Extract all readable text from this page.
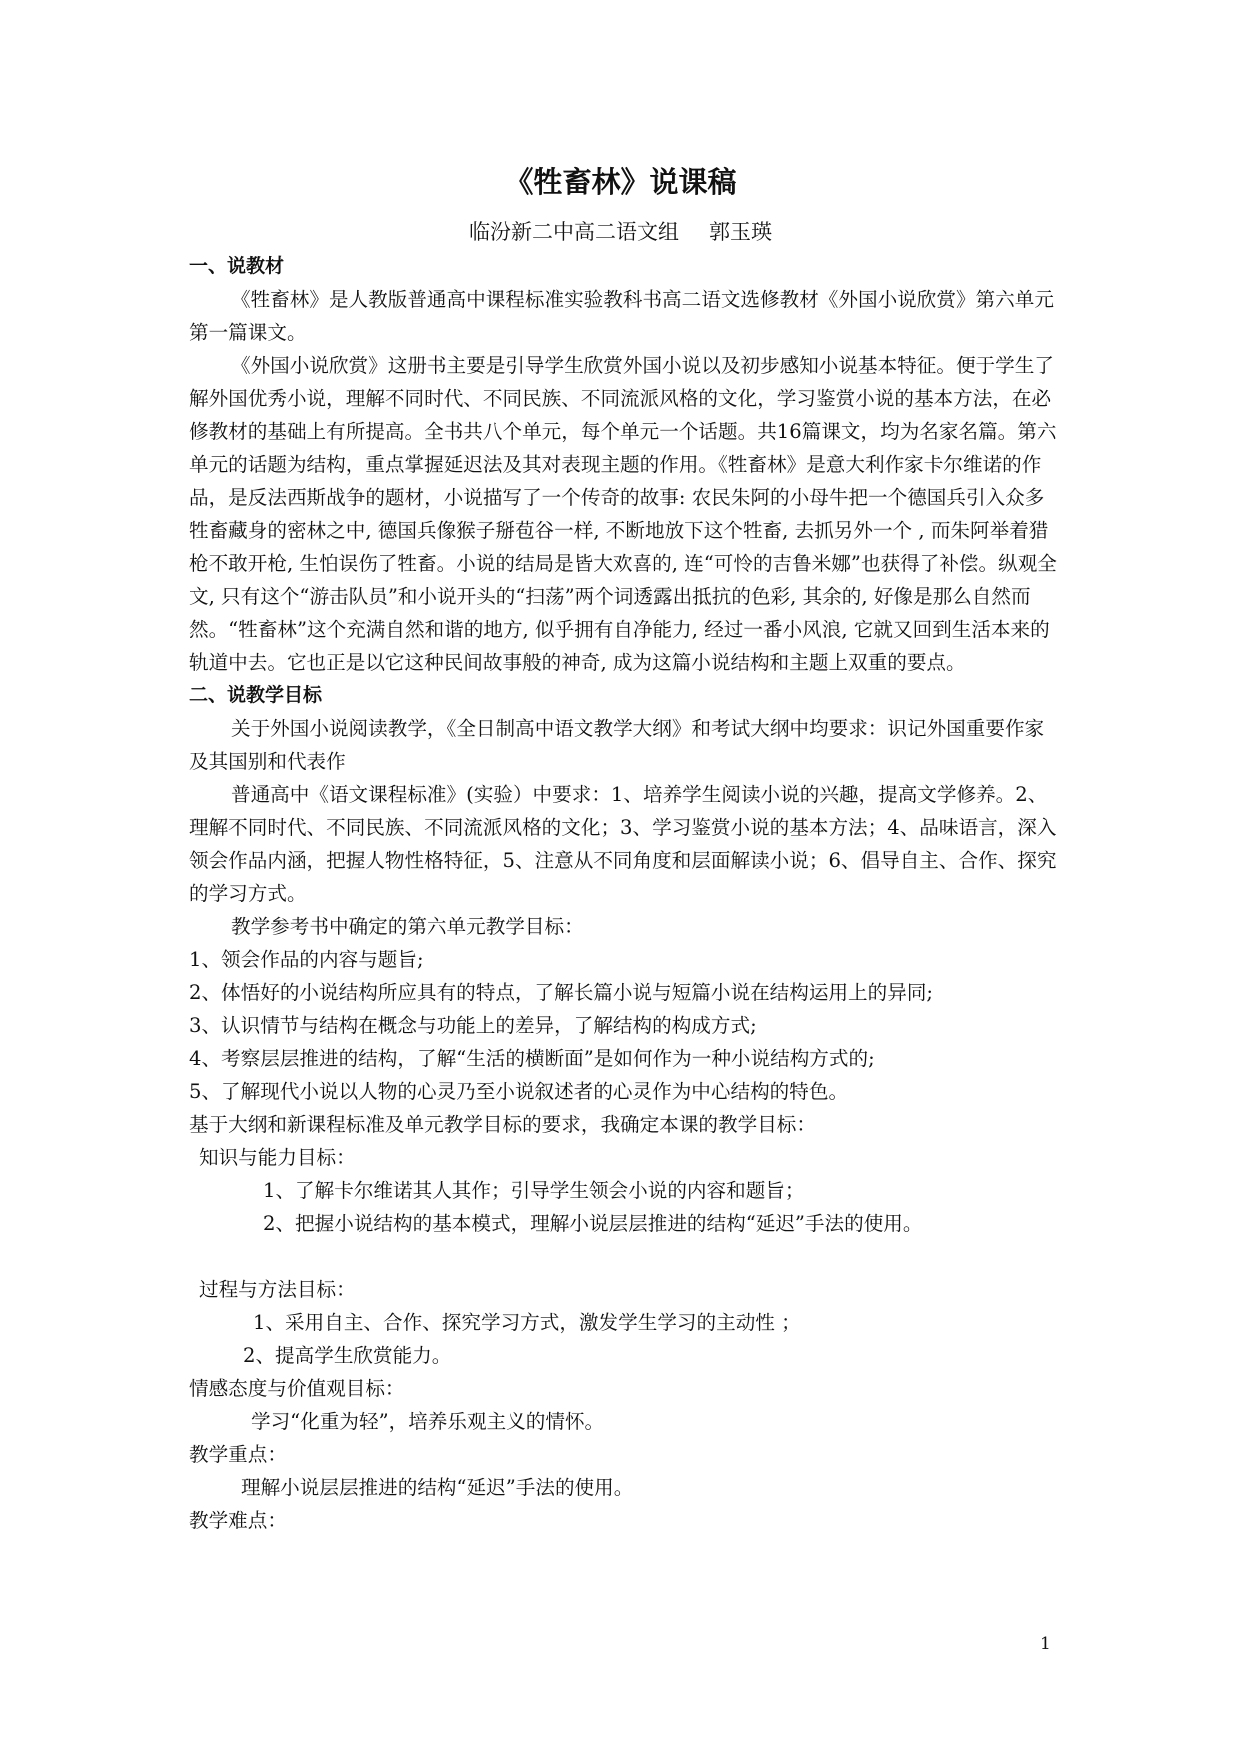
《牲畜林》说课稿
临汾新二中高二语文组 郭玉瑛

一、说教材

《牲畜林》是人教版普通高中课程标准实验教科书高二语文选修教材《外国小说欣赏》第六单元第一篇课文。

《外国小说欣赏》这册书主要是引导学生欣赏外国小说以及初步感知小说基本特征。便于学生了解外国优秀小说，理解不同时代、不同民族、不同流派风格的文化，学习鉴赏小说的基本方法，在必修教材的基础上有所提高。全书共八个单元，每个单元一个话题。共16篇课文，均为名家名篇。第六单元的话题为结构，重点掌握延迟法及其对表现主题的作用。《牲畜林》是意大利作家卡尔维诺的作品，是反法西斯战争的题材，小说描写了一个传奇的故事: 农民朱阿的小母牛把一个德国兵引入众多牲畜藏身的密林之中, 德国兵像猴子掰苞谷一样, 不断地放下这个牲畜, 去抓另外一个 , 而朱阿举着猎枪不敢开枪, 生怕误伤了牲畜。小说的结局是皆大欢喜的, 连“可怜的吉鲁米娜”也获得了补偿。纵观全文, 只有这个“游击队员”和小说开头的“扫荡”两个词透露出抵抗的色彩, 其余的, 好像是那么自然而然。“牲畜林”这个充满自然和谐的地方, 似乎拥有自净能力, 经过一番小风浪, 它就又回到生活本来的轨道中去。它也正是以它这种民间故事般的神奇, 成为这篇小说结构和主题上双重的要点。

二、说教学目标

关于外国小说阅读教学，《全日制高中语文教学大纲》和考试大纲中均要求：识记外国重要作家及其国别和代表作

普通高中《语文课程标准》(实验）中要求：1、培养学生阅读小说的兴趣，提高文学修养。2、理解不同时代、不同民族、不同流派风格的文化；3、学习鉴赏小说的基本方法；4、品味语言，深入领会作品内涵，把握人物性格特征，5、注意从不同角度和层面解读小说；6、倡导自主、合作、探究的学习方式。

教学参考书中确定的第六单元教学目标：

1、领会作品的内容与题旨;

2、体悟好的小说结构所应具有的特点，了解长篇小说与短篇小说在结构运用上的异同;

3、认识情节与结构在概念与功能上的差异，了解结构的构成方式;

4、考察层层推进的结构，了解“生活的横断面”是如何作为一种小说结构方式的;

5、了解现代小说以人物的心灵乃至小说叙述者的心灵作为中心结构的特色。

基于大纲和新课程标准及单元教学目标的要求，我确定本课的教学目标：

知识与能力目标：

1、了解卡尔维诺其人其作；引导学生领会小说的内容和题旨；

2、把握小说结构的基本模式，理解小说层层推进的结构“延迟”手法的使用。

过程与方法目标：

1、采用自主、合作、探究学习方式，激发学生学习的主动性 ；

2、提高学生欣赏能力。

情感态度与价值观目标：

学习“化重为轻”，培养乐观主义的情怀。

教学重点：

理解小说层层推进的结构“延迟”手法的使用。

教学难点：

1
